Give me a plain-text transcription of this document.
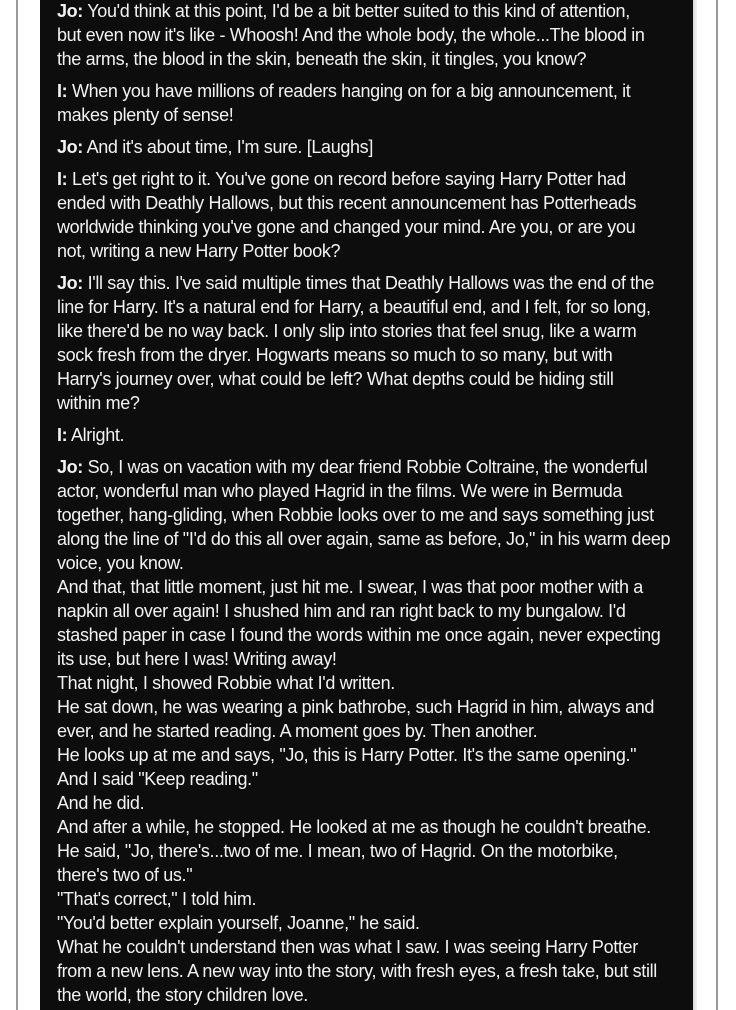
Jo: You'd think at this point, I'd be a bit better suited to this kind of attention,
but even now it's like - Whoosh! And the whole body, the whole...The blood in
the arms, the blood in the skin, beneath the skin, it tingles, you know?
I: When you have millions of readers hanging on for a big announcement, it
makes plenty of sense!
Jo: And it's about time, I'm sure. [Laughs]
I: Let's get right to it. You've gone on record before saying Harry Potter had
ended with Deathly Hallows, but this recent announcement has Potterheads
worldwide thinking you've gone and changed your mind. Are you, or are you
not, writing a new Harry Potter book?
Jo: I'll say this. I've said multiple times that Deathly Hallows was the end of the
line for Harry. It's a natural end for Harry, a beautiful end, and I felt, for so long,
like there'd be no way back. I only slip into stories that feel snug, like a warm
sock fresh from the dryer. Hogwarts means so much to so many, but with
Harry's journey over, what could be left? What depths could be hiding still
within me?
I: Alright.
Jo: So, I was on vacation with my dear friend Robbie Coltraine, the wonderful
actor, wonderful man who played Hagrid in the films. We were in Bermuda
together, hang-gliding, when Robbie looks over to me and says something just
along the line of "I'd do this all over again, same as before, Jo," in his warm deep
voice, you know.
And that, that little moment, just hit me. I swear, I was that poor mother with a
napkin all over again! I shushed him and ran right back to my bungalow. I'd
stashed paper in case I found the words within me once again, never expecting
its use, but here I was! Writing away!
That night, I showed Robbie what I'd written.
He sat down, he was wearing a pink bathrobe, such Hagrid in him, always and
ever, and he started reading. A moment goes by. Then another.
He looks up at me and says, "Jo, this is Harry Potter. It's the same opening."
And I said "Keep reading."
And he did.
And after a while, he stopped. He looked at me as though he couldn't breathe.
He said, "Jo, there's...two of me. I mean, two of Hagrid. On the motorbike,
there's two of us."
"That's correct," I told him.
"You'd better explain yourself, Joanne," he said.
What he couldn't understand then was what I saw. I was seeing Harry Potter
from a new lens. A new way into the story, with fresh eyes, a fresh take, but still
the world, the story children love.
